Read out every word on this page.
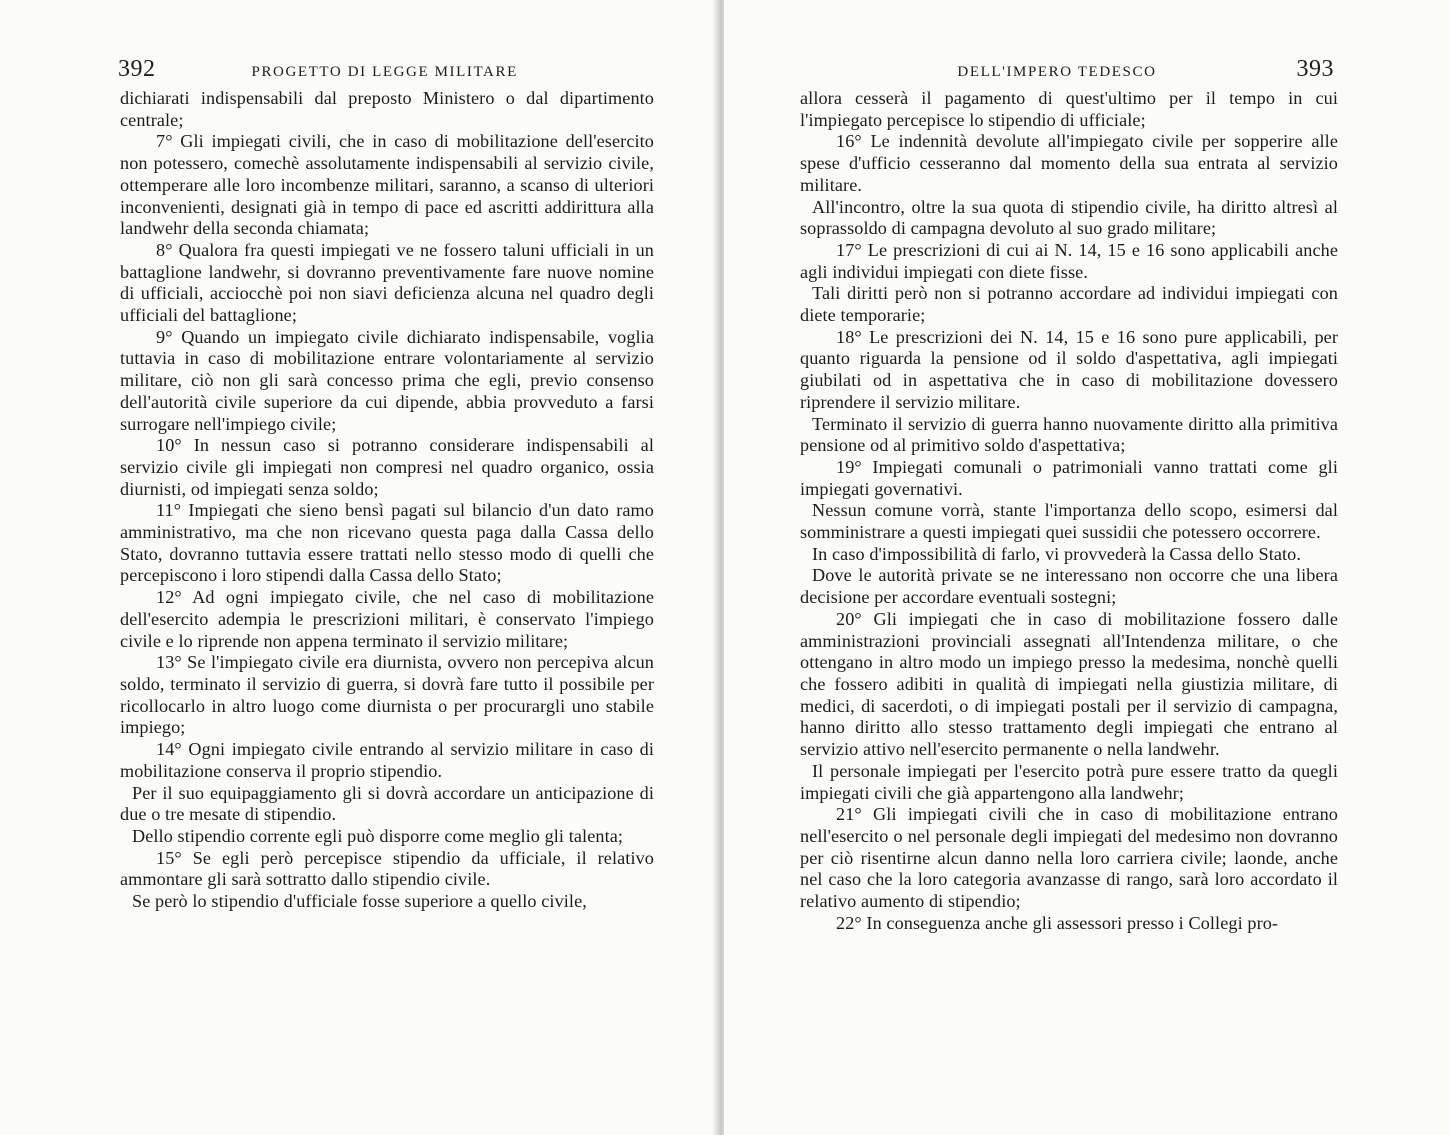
392	PROGETTO DI LEGGE MILITARE

dichiarati indispensabili dal preposto Ministero o dal dipartimento centrale;

7° Gli impiegati civili, che in caso di mobilitazione dell'esercito non potessero, comechè assolutamente indispensabili al servizio civile, ottemperare alle loro incombenze militari, saranno, a scanso di ulteriori inconvenienti, designati già in tempo di pace ed ascritti addirittura alla landwehr della seconda chiamata;

8° Qualora fra questi impiegati ve ne fossero taluni ufficiali in un battaglione landwehr, si dovranno preventivamente fare nuove nomine di ufficiali, acciocchè poi non siavi deficienza alcuna nel quadro degli ufficiali del battaglione;

9° Quando un impiegato civile dichiarato indispensabile, voglia tuttavia in caso di mobilitazione entrare volontariamente al servizio militare, ciò non gli sarà concesso prima che egli, previo consenso dell'autorità civile superiore da cui dipende, abbia provveduto a farsi surrogare nell'impiego civile;

10° In nessun caso si potranno considerare indispensabili al servizio civile gli impiegati non compresi nel quadro organico, ossia diurnisti, od impiegati senza soldo;

11° Impiegati che sieno bensì pagati sul bilancio d'un dato ramo amministrativo, ma che non ricevano questa paga dalla Cassa dello Stato, dovranno tuttavia essere trattati nello stesso modo di quelli che percepiscono i loro stipendi dalla Cassa dello Stato;

12° Ad ogni impiegato civile, che nel caso di mobilitazione dell'esercito adempia le prescrizioni militari, è conservato l'impiego civile e lo riprende non appena terminato il servizio militare;

13° Se l'impiegato civile era diurnista, ovvero non percepiva alcun soldo, terminato il servizio di guerra, si dovrà fare tutto il possibile per ricollocarlo in altro luogo come diurnista o per procurargli uno stabile impiego;

14° Ogni impiegato civile entrando al servizio militare in caso di mobilitazione conserva il proprio stipendio.

Per il suo equipaggiamento gli si dovrà accordare un anticipazione di due o tre mesate di stipendio.

Dello stipendio corrente egli può disporre come meglio gli talenta;

15° Se egli però percepisce stipendio da ufficiale, il relativo ammontare gli sarà sottratto dallo stipendio civile.

Se però lo stipendio d'ufficiale fosse superiore a quello civile,

DELL'IMPERO TEDESCO	393

allora cesserà il pagamento di quest'ultimo per il tempo in cui l'impiegato percepisce lo stipendio di ufficiale;

16° Le indennità devolute all'impiegato civile per sopperire alle spese d'ufficio cesseranno dal momento della sua entrata al servizio militare.

All'incontro, oltre la sua quota di stipendio civile, ha diritto altresì al soprassoldo di campagna devoluto al suo grado militare;

17° Le prescrizioni di cui ai N. 14, 15 e 16 sono applicabili anche agli individui impiegati con diete fisse.

Tali diritti però non si potranno accordare ad individui impiegati con diete temporarie;

18° Le prescrizioni dei N. 14, 15 e 16 sono pure applicabili, per quanto riguarda la pensione od il soldo d'aspettativa, agli impiegati giubilati od in aspettativa che in caso di mobilitazione dovessero riprendere il servizio militare.

Terminato il servizio di guerra hanno nuovamente diritto alla primitiva pensione od al primitivo soldo d'aspettativa;

19° Impiegati comunali o patrimoniali vanno trattati come gli impiegati governativi.

Nessun comune vorrà, stante l'importanza dello scopo, esimersi dal somministrare a questi impiegati quei sussidii che potessero occorrere.

In caso d'impossibilità di farlo, vi provvederà la Cassa dello Stato.

Dove le autorità private se ne interessano non occorre che una libera decisione per accordare eventuali sostegni;

20° Gli impiegati che in caso di mobilitazione fossero dalle amministrazioni provinciali assegnati all'Intendenza militare, o che ottengano in altro modo un impiego presso la medesima, nonchè quelli che fossero adibiti in qualità di impiegati nella giustizia militare, di medici, di sacerdoti, o di impiegati postali per il servizio di campagna, hanno diritto allo stesso trattamento degli impiegati che entrano al servizio attivo nell'esercito permanente o nella landwehr.

Il personale impiegati per l'esercito potrà pure essere tratto da quegli impiegati civili che già appartengono alla landwehr;

21° Gli impiegati civili che in caso di mobilitazione entrano nell'esercito o nel personale degli impiegati del medesimo non dovranno per ciò risentirne alcun danno nella loro carriera civile; laonde, anche nel caso che la loro categoria avanzasse di rango, sarà loro accordato il relativo aumento di stipendio;

22° In conseguenza anche gli assessori presso i Collegi pro-
